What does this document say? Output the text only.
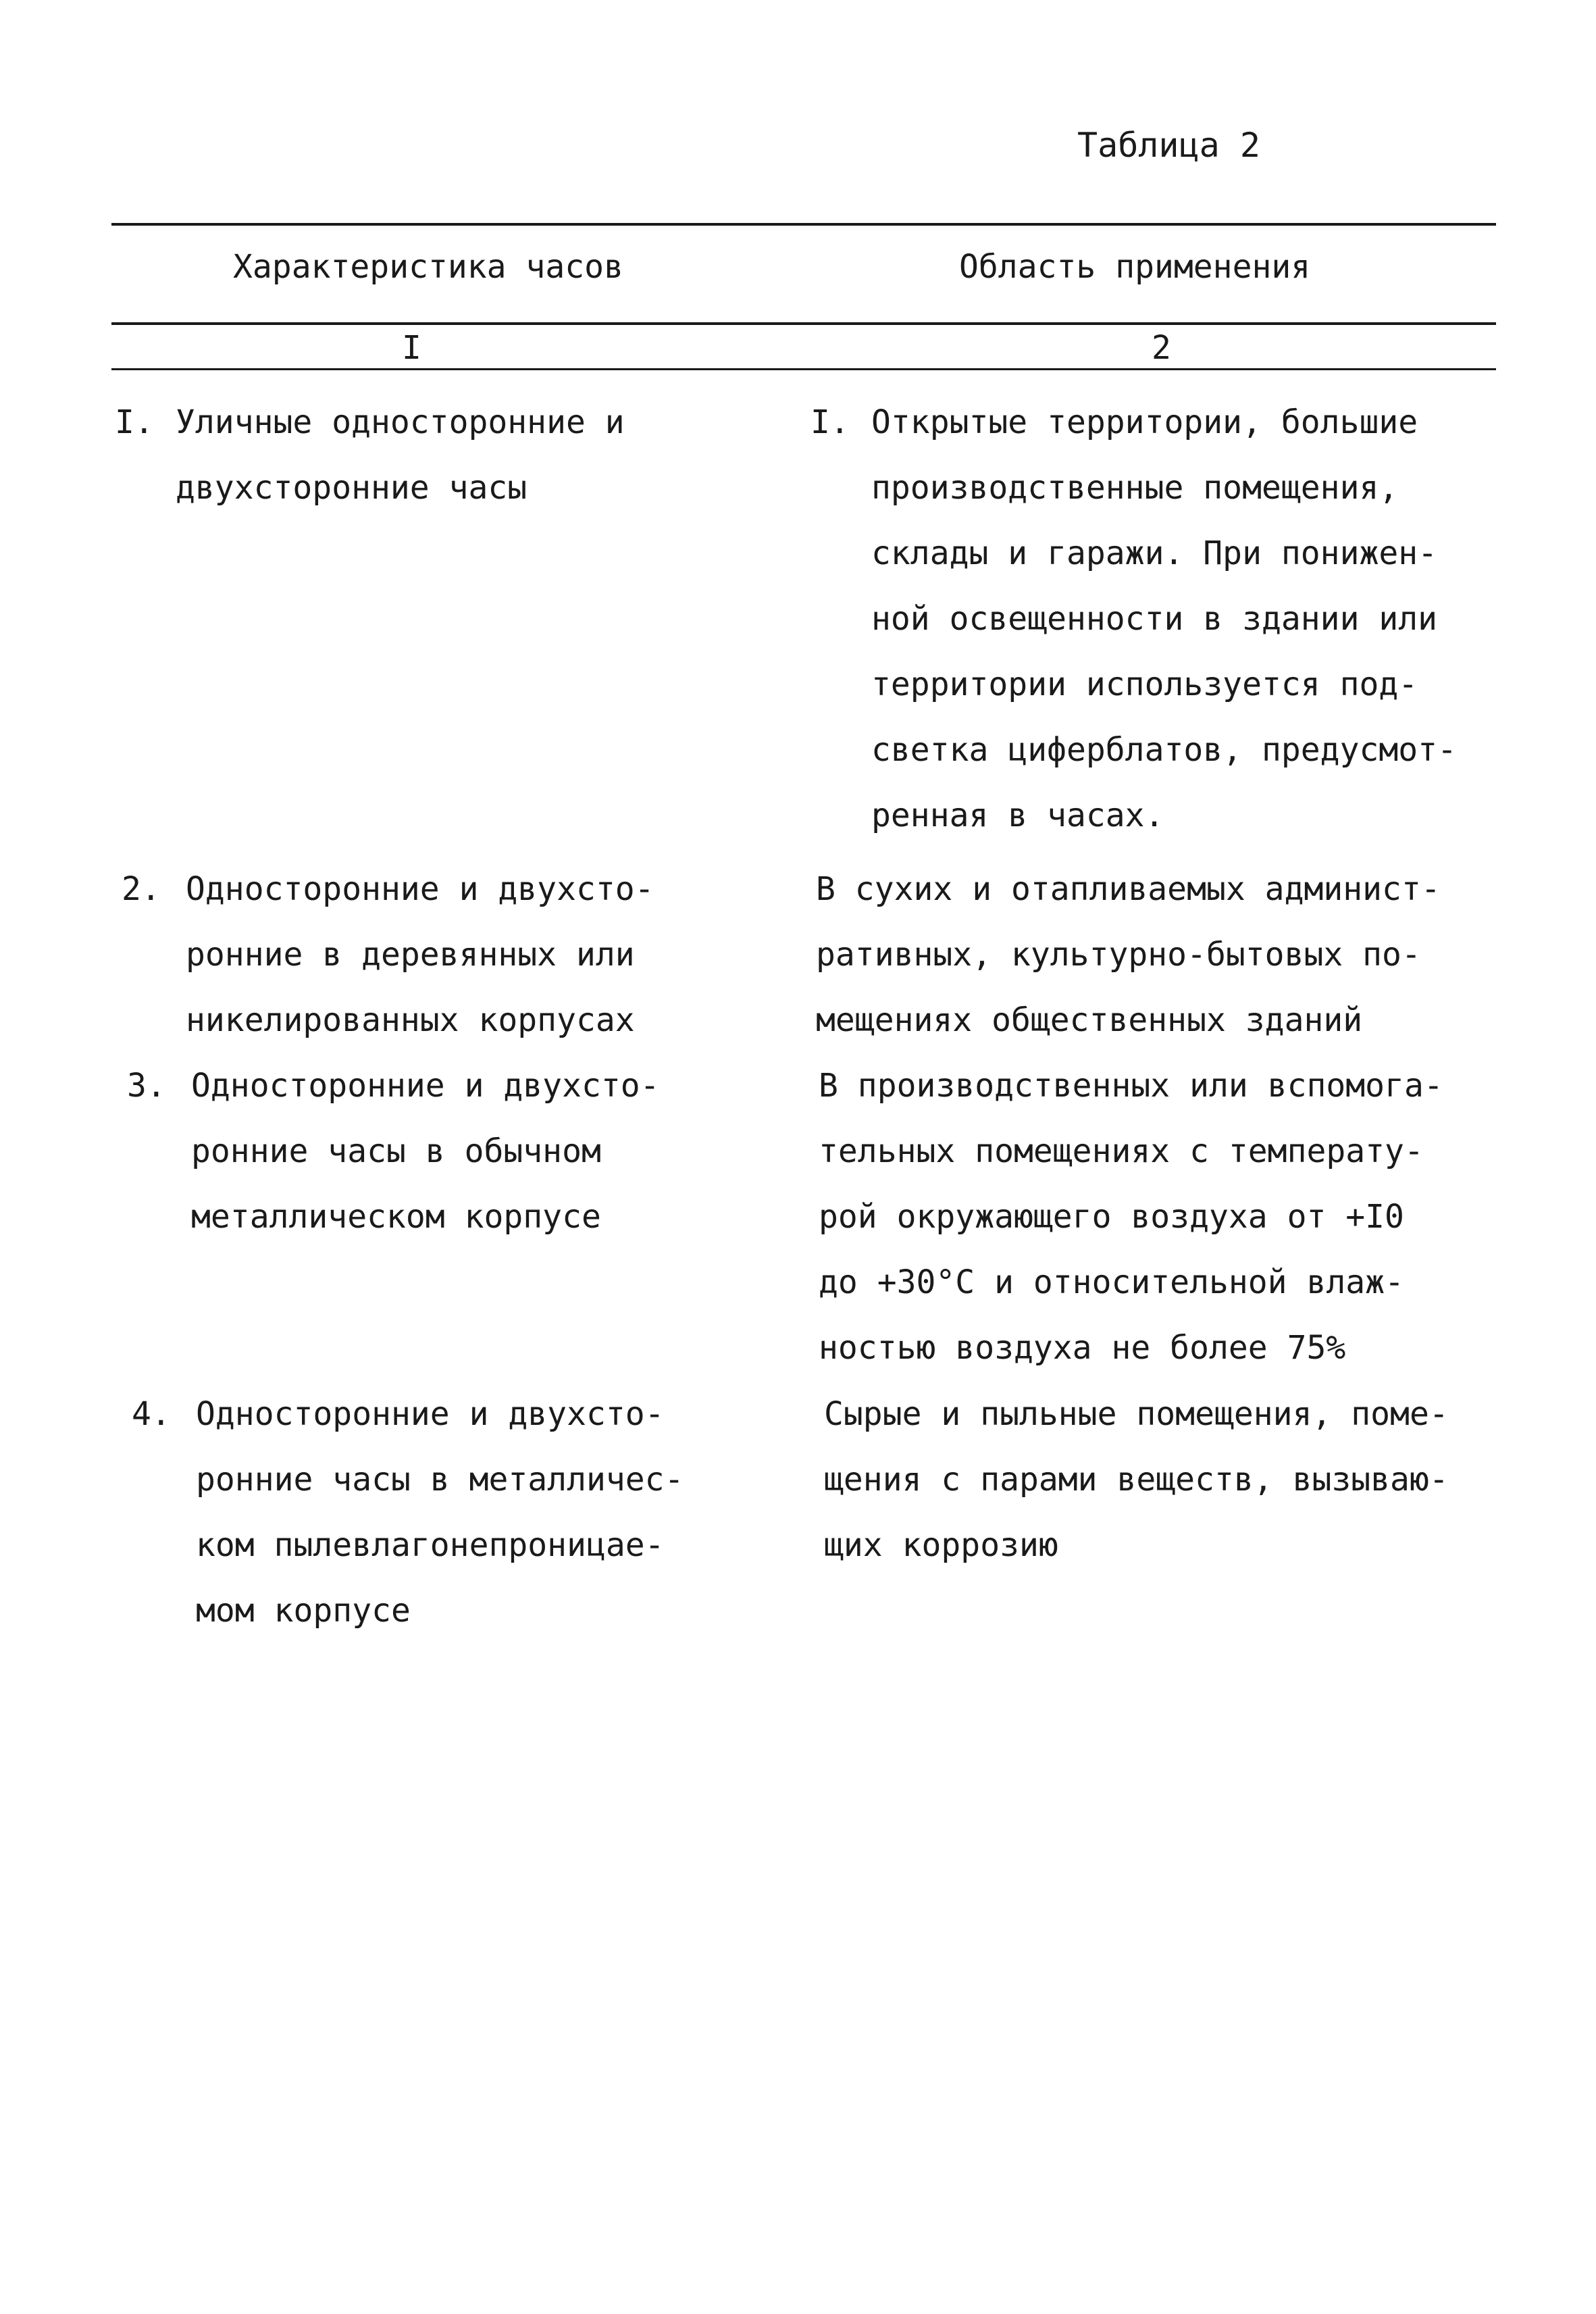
Таблица 2
Характеристика часов	Область применения
I	2
I. Уличные односторонние и
двухсторонние часы
I. Открытые территории, большие
производственные помещения,
склады и гаражи. При понижен-
ной освещенности в здании или
территории используется под-
светка циферблатов, предусмот-
ренная в часах.
2. Односторонние и двухсто-
ронние в деревянных или
никелированных корпусах
В сухих и отапливаемых админист-
ративных, культурно-бытовых по-
мещениях общественных зданий
3. Односторонние и двухсто-
ронние часы в обычном
металлическом корпусе
В производственных или вспомога-
тельных помещениях с температу-
рой окружающего воздуха от +I0
до +30°C и относительной влаж-
ностью воздуха не более 75%
4. Односторонние и двухсто-
ронние часы в металличес-
ком пылевлагонепроницае-
мом корпусе
Сырые и пыльные помещения, поме-
щения с парами веществ, вызываю-
щих коррозию
